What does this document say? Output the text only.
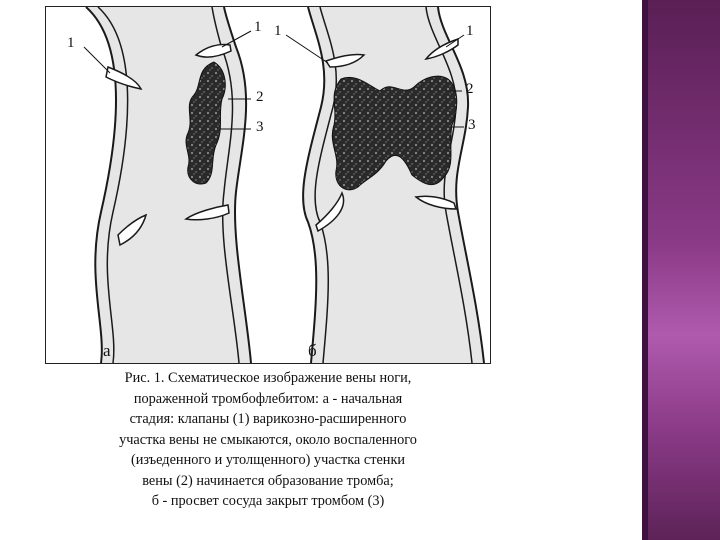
а	б
1
1
2
3
1	1
2
3
Рис. 1. Схематическое изображение вены ноги,
пораженной тромбофлебитом: а - начальная
стадия: клапаны (1) варикозно-расширенного
участка вены не смыкаются, около воспаленного
(изъеденного и утолщенного) участка стенки
вены (2) начинается образование тромба;
б - просвет сосуда закрыт тромбом (3)
